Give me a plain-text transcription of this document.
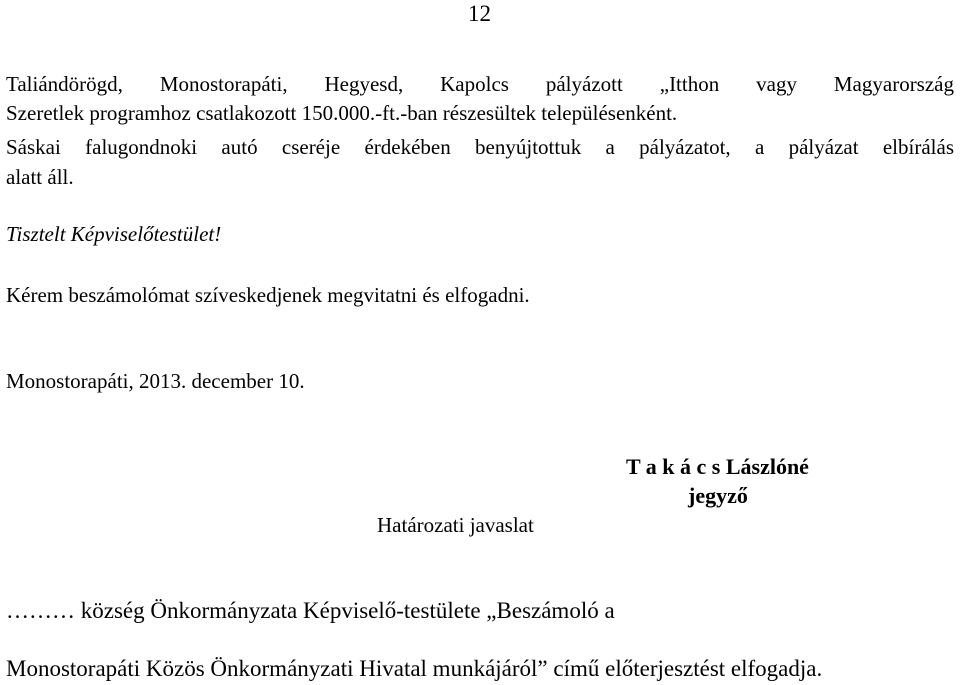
12
Taliándörögd, Monostorapáti, Hegyesd, Kapolcs pályázott „Itthon vagy Magyarország
Szeretlek programhoz csatlakozott 150.000.-ft.-ban részesültek településenként.
Sáskai falugondnoki autó cseréje érdekében benyújtottuk a pályázatot, a pályázat elbírálás
alatt áll.
Tisztelt Képviselőtestület!
Kérem beszámolómat szíveskedjenek megvitatni és elfogadni.
Monostorapáti, 2013. december 10.
T a k á c s Lászlóné
jegyző
Határozati javaslat
……… község Önkormányzata Képviselő-testülete „Beszámoló a
Monostorapáti Közös Önkormányzati Hivatal munkájáról” című előterjesztést elfogadja.
